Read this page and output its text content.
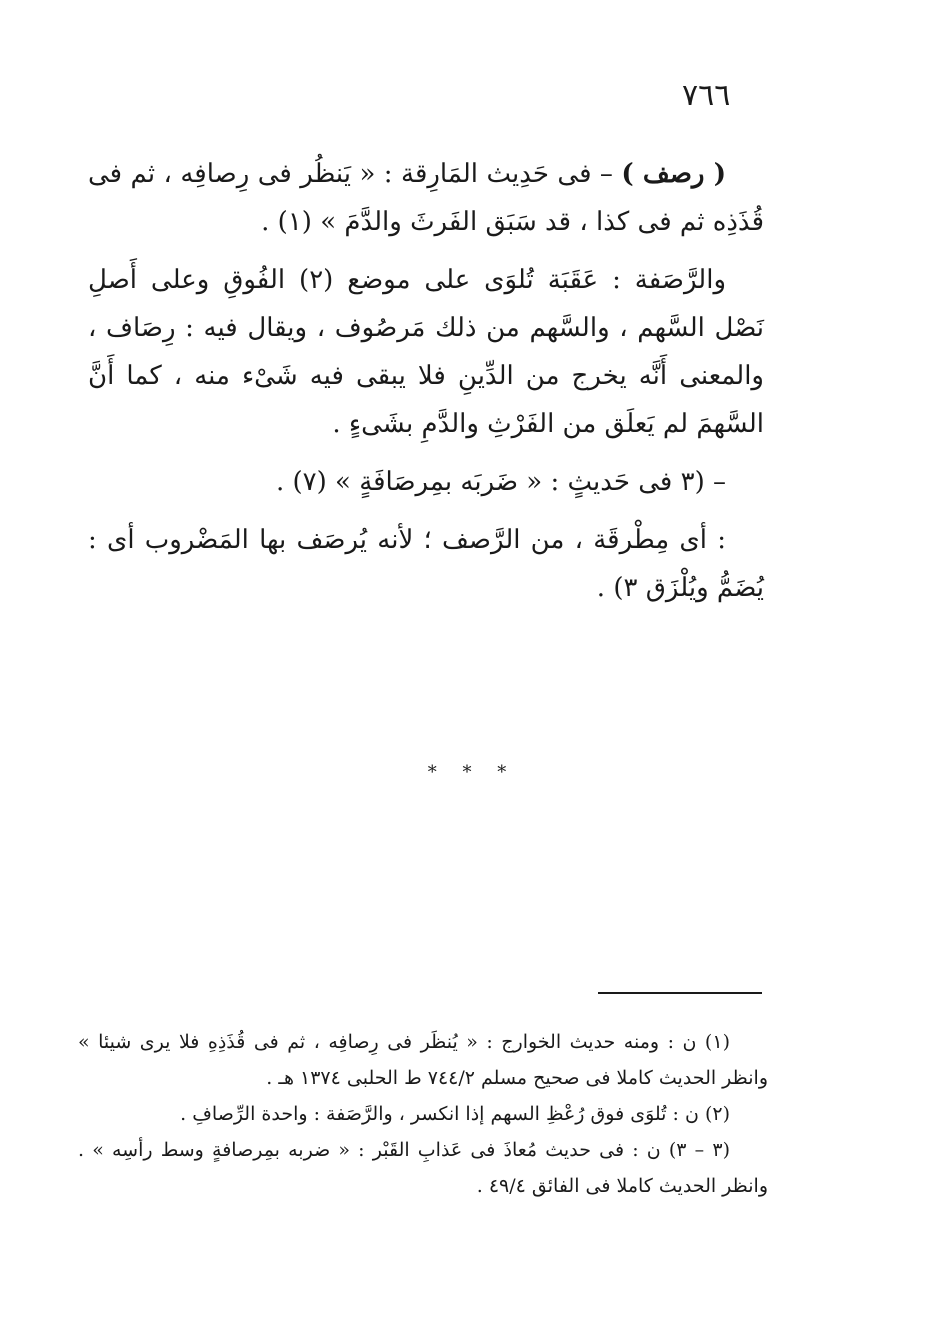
٧٦٦

( رصف ) – فى حَدِيث المَارِقة : « يَنظُر فى رِصافِه ، ثم فى قُذَذِه ثم فى كذا ، قد سَبَق الفَرثَ والدَّمَ » (١) .

والرَّصَفة : عَقَبَة تُلوَى على موضع (٢) الفُوقِ وعلى أَصلِ نَصْل السَّهم ، والسَّهم من ذلك مَرصُوف ، ويقال فيه : رِصَاف ، والمعنى أَنَّه يخرج من الدِّينِ فلا يبقى فيه شَىْء منه ، كما أَنَّ السَّهمَ لم يَعلَق من الفَرْثِ والدَّمِ بشَىءٍ .

– (٣ فى حَديثٍ : « ضَربَه بمِرصَافَةٍ » (٧) .

: أى مِطْرقَة ، من الرَّصف ؛ لأنه يُرصَف بها المَضْروب أى : يُضَمُّ ويُلْزَق ٣) .

* * *

(١) ن : ومنه حديث الخوارج : « يُنظَر فى رِصافِه ، ثم فى قُذَذِهِ فلا يرى شيئا » وانظر الحديث كاملا فى صحيح مسلم ٧٤٤/٢ ط الحلبى ١٣٧٤ هـ .

(٢) ن : تُلوَى فوق رُعْظِ السهم إذا انكسر ، والرَّصَفة : واحدة الرِّصافِ .

(٣ – ٣) ن : فى حديث مُعاذَ فى عَذابِ القَبْر : « ضربه بمِرصافةٍ وسط رأسِه » . وانظر الحديث كاملا فى الفائق ٤٩/٤ .
